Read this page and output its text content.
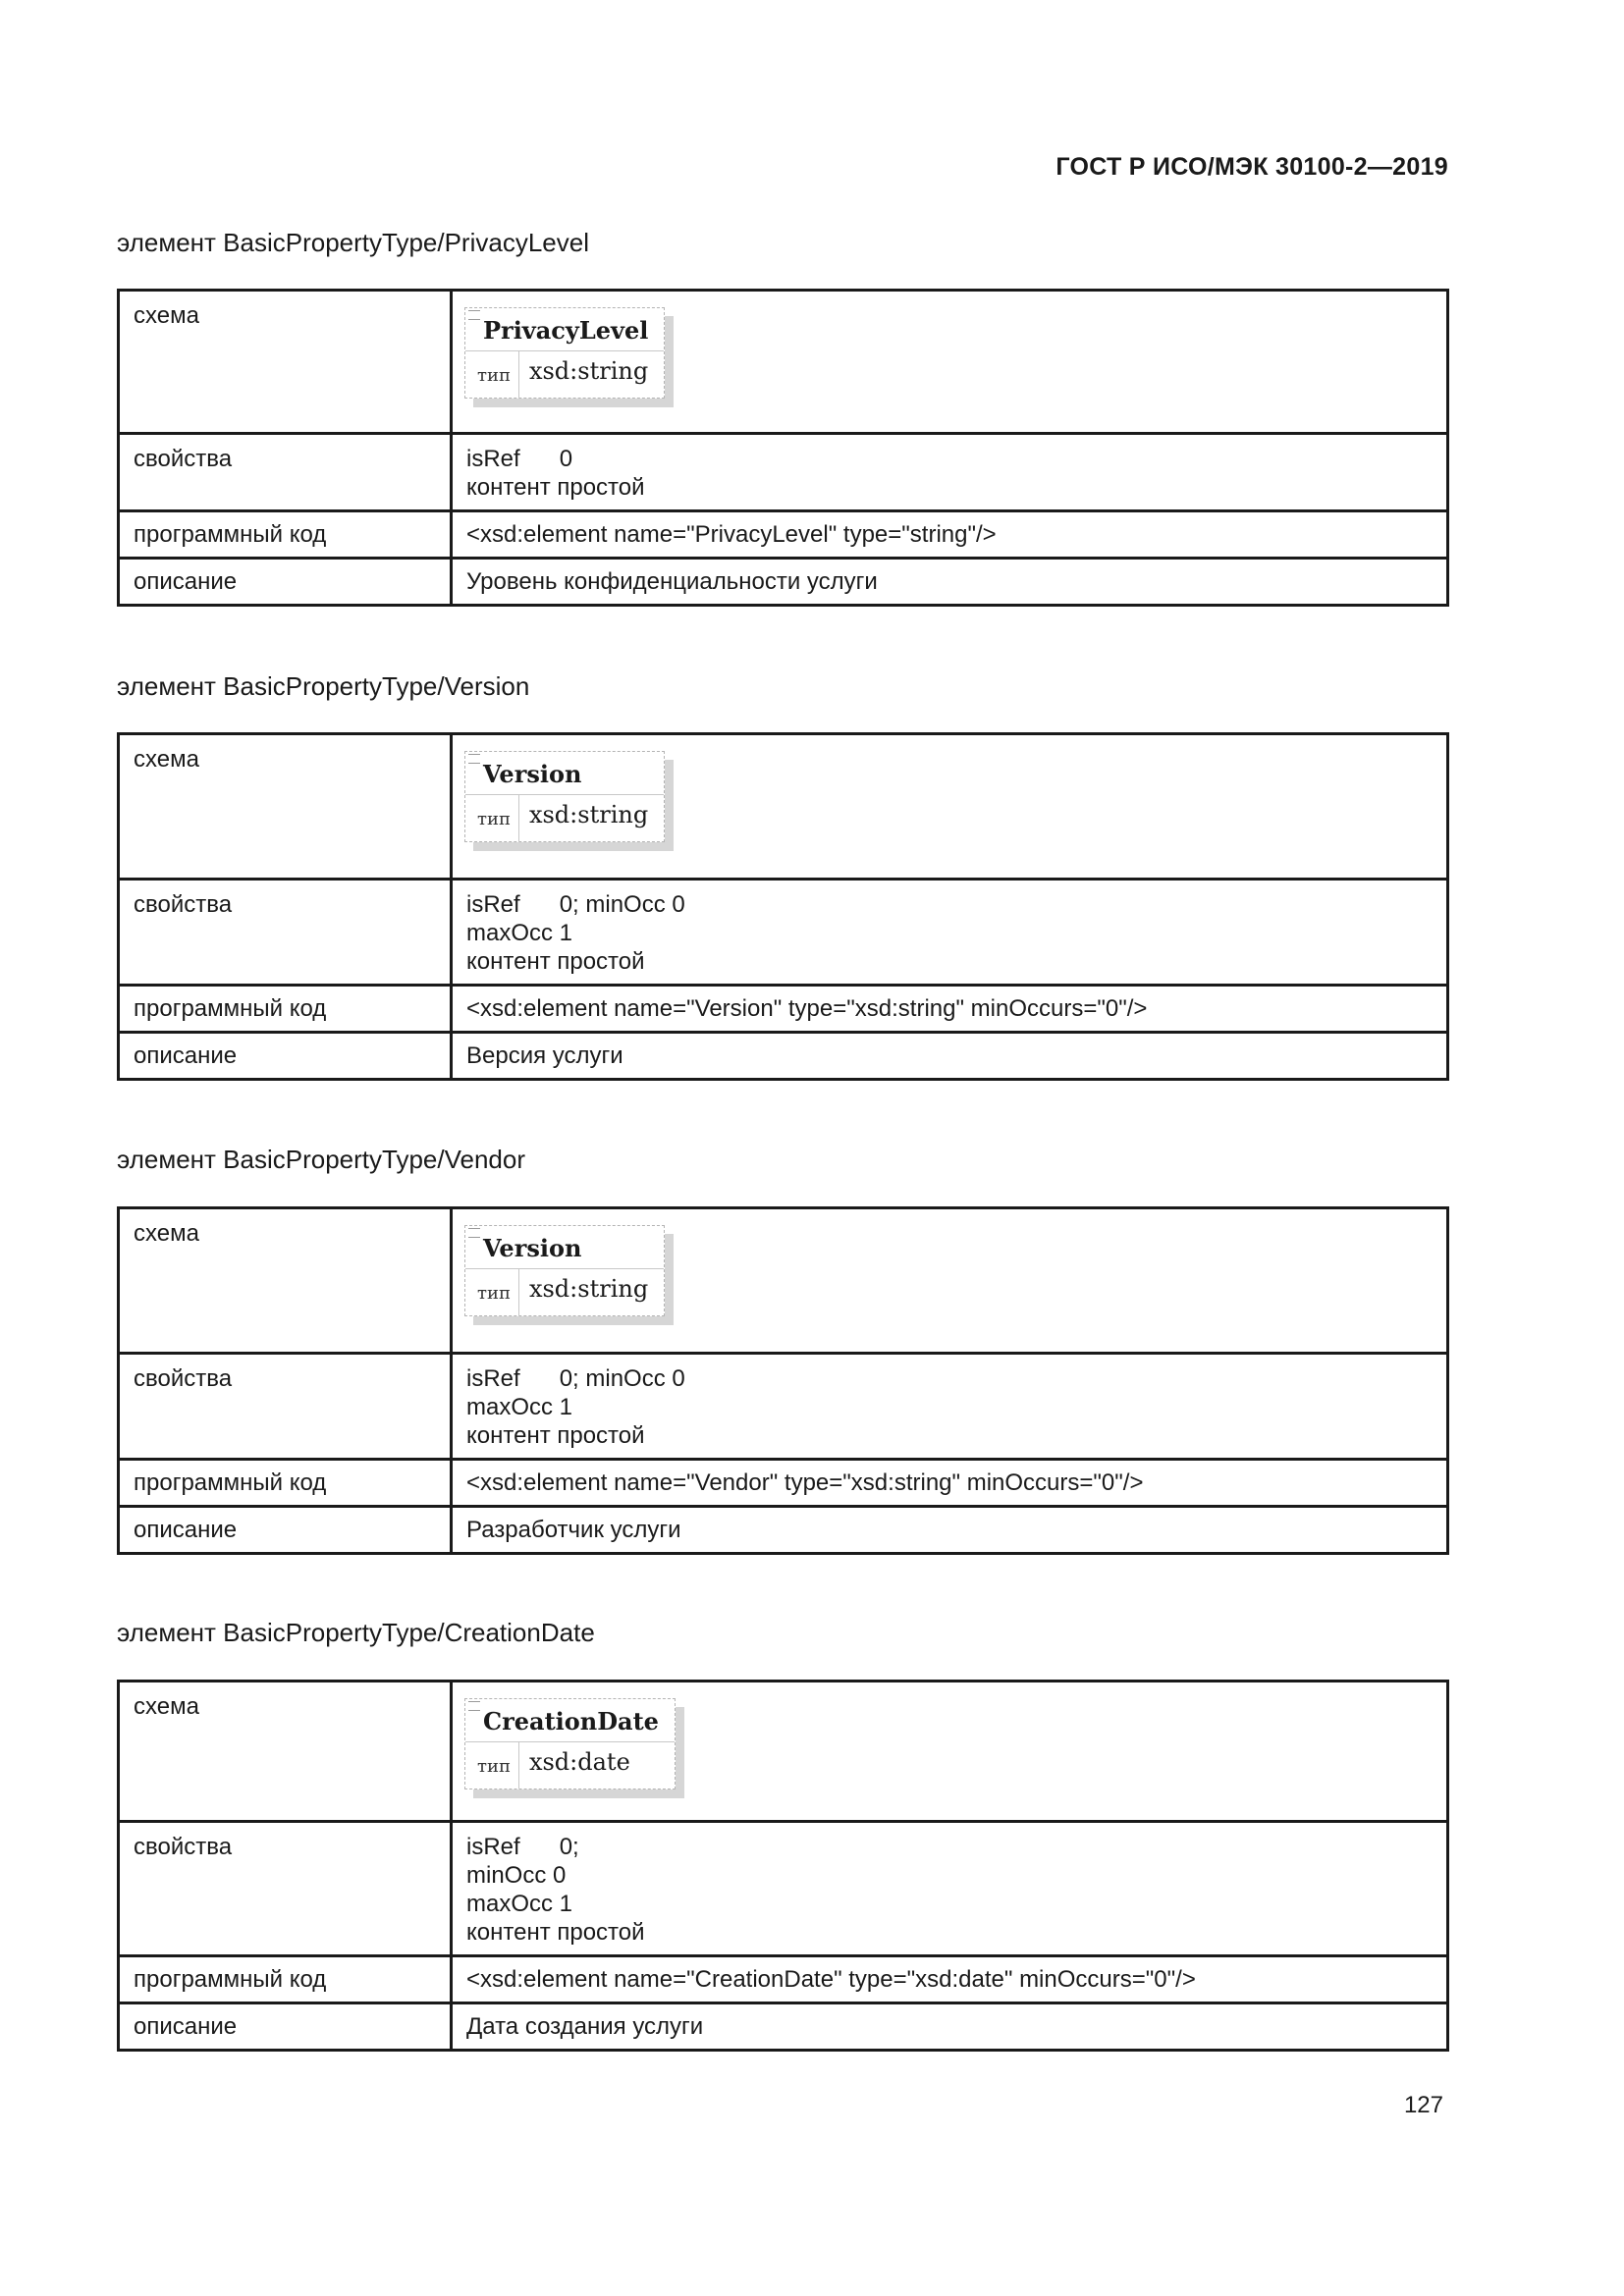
ГОСТ Р ИСО/МЭК 30100-2—2019
элемент BasicPropertyType/PrivacyLevel
схема	PrivacyLevel
тип xsd:string

свойства	isRef      0
контент простой

программный код	<xsd:element name="PrivacyLevel" type="string"/>
описание	Уровень конфиденциальности услуги
элемент BasicPropertyType/Version
схема	Version
тип xsd:string

свойства	isRef      0; minOcc 0
maxOcc 1
контент простой

программный код	<xsd:element name="Version" type="xsd:string" minOccurs="0"/>
описание	Версия услуги
элемент BasicPropertyType/Vendor
схема	Version
тип xsd:string

свойства	isRef      0; minOcc 0
maxOcc 1
контент простой

программный код	<xsd:element name="Vendor" type="xsd:string" minOccurs="0"/>
описание	Разработчик услуги
элемент BasicPropertyType/CreationDate
схема	CreationDate
тип xsd:date

свойства	isRef      0;
minOcc 0
maxOcc 1
контент простой

программный код	<xsd:element name="CreationDate" type="xsd:date" minOccurs="0"/>
описание	Дата создания услуги
127
